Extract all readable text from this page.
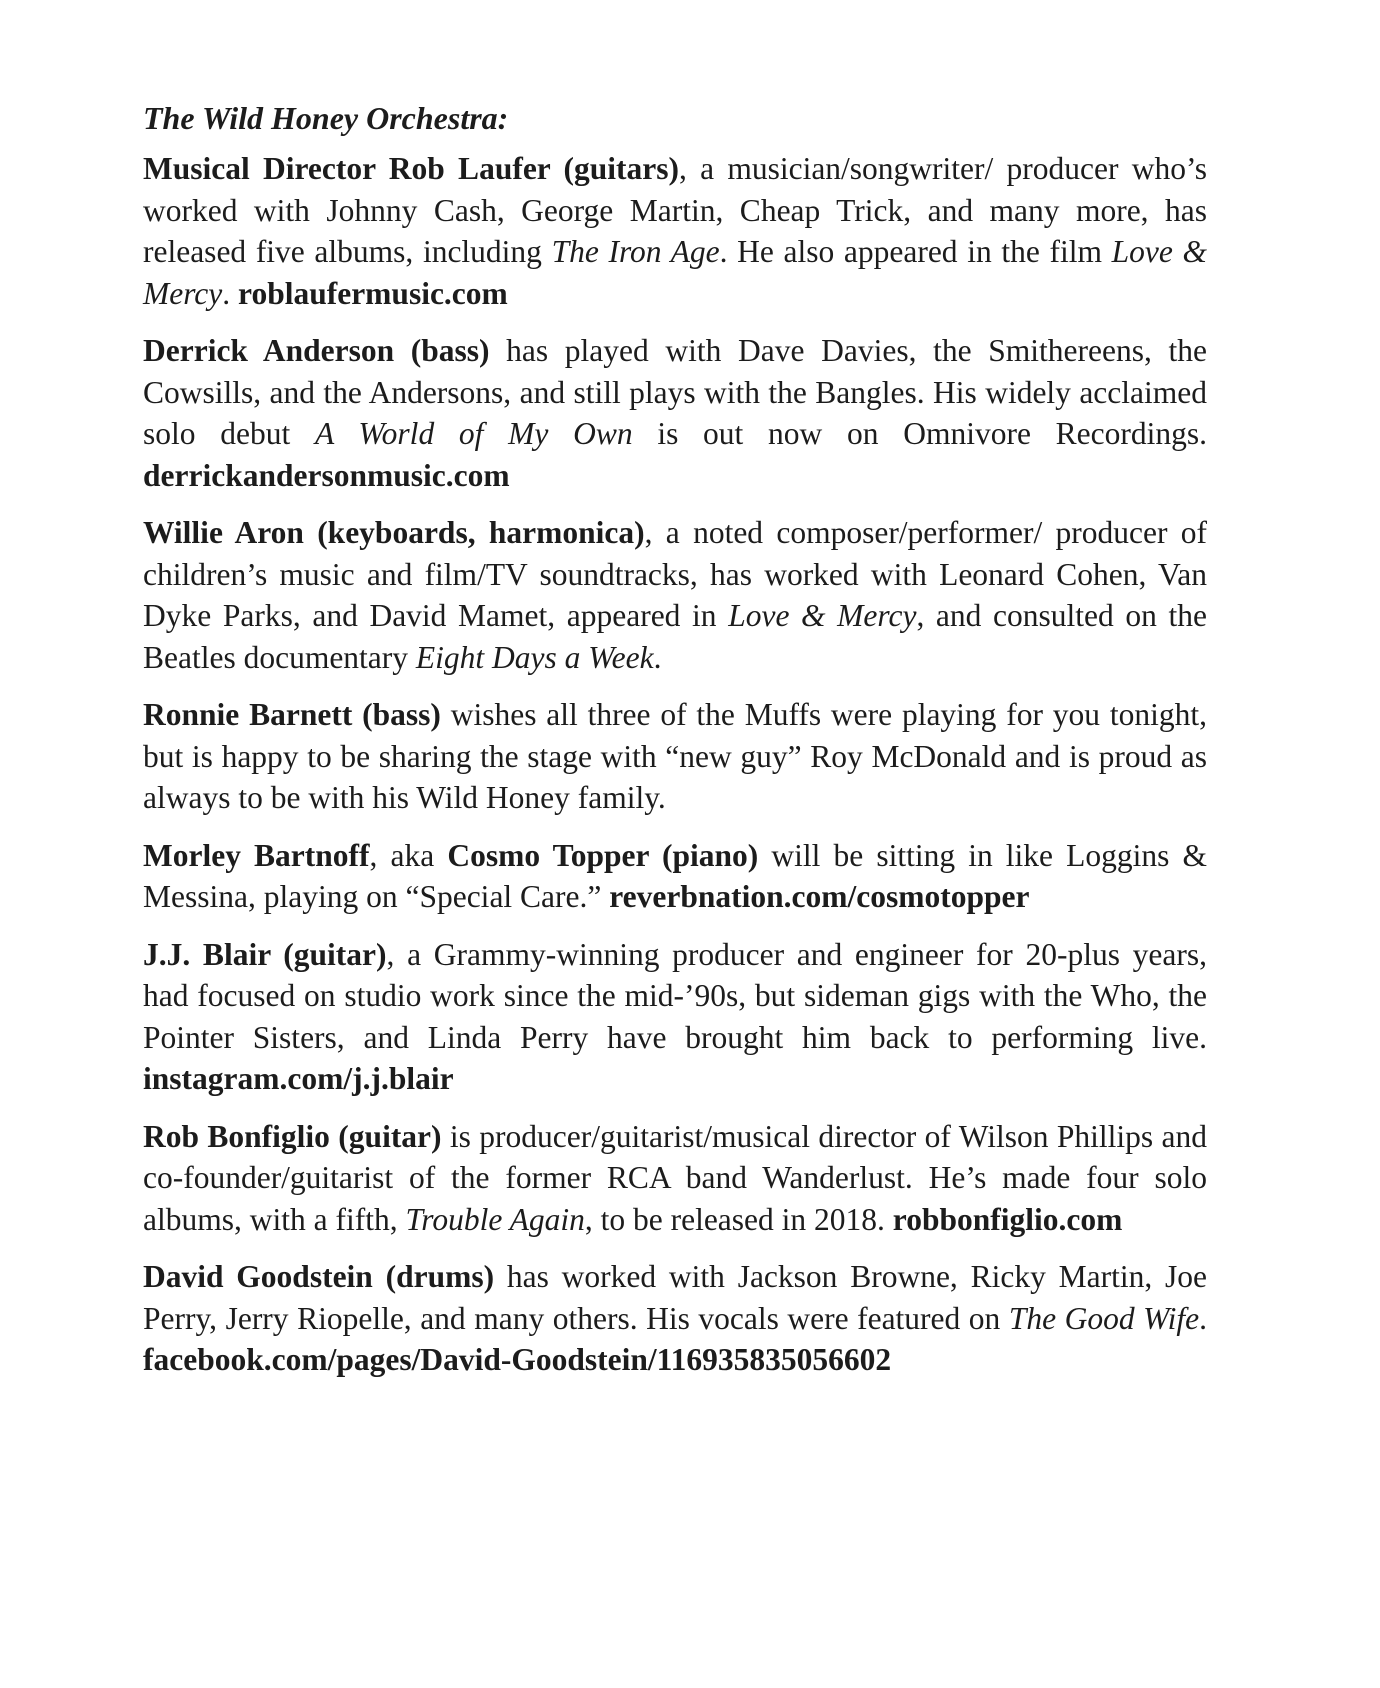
The Wild Honey Orchestra:

Musical Director Rob Laufer (guitars), a musician/songwriter/ producer who’s worked with Johnny Cash, George Martin, Cheap Trick, and many more, has released five albums, including The Iron Age. He also appeared in the film Love & Mercy. roblaufermusic.com

Derrick Anderson (bass) has played with Dave Davies, the Smithereens, the Cowsills, and the Andersons, and still plays with the Bangles. His widely acclaimed solo debut A World of My Own is out now on Omnivore Recordings. derrickandersonmusic.com

Willie Aron (keyboards, harmonica), a noted composer/performer/ producer of children’s music and film/TV soundtracks, has worked with Leonard Cohen, Van Dyke Parks, and David Mamet, appeared in Love & Mercy, and consulted on the Beatles documentary Eight Days a Week.

Ronnie Barnett (bass) wishes all three of the Muffs were playing for you tonight, but is happy to be sharing the stage with “new guy” Roy McDonald and is proud as always to be with his Wild Honey family.

Morley Bartnoff, aka Cosmo Topper (piano) will be sitting in like Loggins & Messina, playing on “Special Care.” reverbnation.com/cosmotopper

J.J. Blair (guitar), a Grammy-winning producer and engineer for 20-plus years, had focused on studio work since the mid-’90s, but sideman gigs with the Who, the Pointer Sisters, and Linda Perry have brought him back to performing live. instagram.com/j.j.blair

Rob Bonfiglio (guitar) is producer/guitarist/musical director of Wilson Phillips and co-founder/guitarist of the former RCA band Wanderlust. He’s made four solo albums, with a fifth, Trouble Again, to be released in 2018. robbonfiglio.com

David Goodstein (drums) has worked with Jackson Browne, Ricky Martin, Joe Perry, Jerry Riopelle, and many others. His vocals were featured on The Good Wife. facebook.com/pages/David-Goodstein/116935835056602
